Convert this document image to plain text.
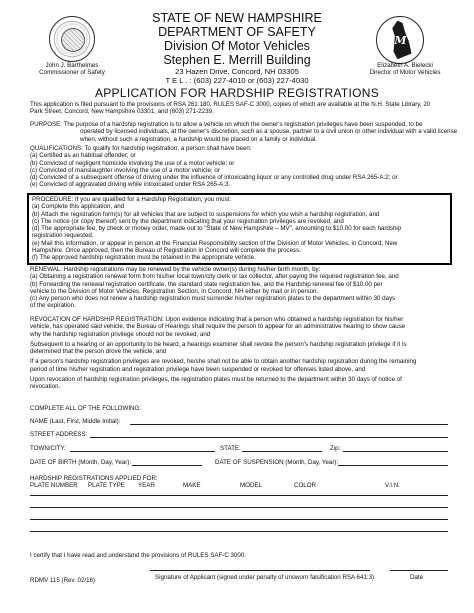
John J. Barthelmes
Commissioner of Safety
STATE OF NEW HAMPSHIRE
DEPARTMENT OF SAFETY
Division Of Motor Vehicles
Stephen E. Merrill Building
23 Hazen Drive, Concord, NH 03305
T E L . : (603) 227-4010 or (603) 227-4030
DMV
Elizabeth A. Bielecki
Director of Motor Vehicles
APPLICATION FOR HARDSHIP REGISTRATIONS

This application is filed pursuant to the provisions of RSA 261:180, RULES SAF-C 3000, copies of which are available at the N.H. State Library, 20

Park Street, Concord, New Hampshire 03301, and (603) 271-2239.

PURPOSE: The purpose of a hardship registration is to allow a vehicle on which the owner's registration privileges have been suspended, to be

operated by licensed individuals, at the owner's discretion, such as a spouse, partner to a civil union or other individual with a valid license

when, without such a registration, a hardship would be placed on a family or individual.

QUALIFICATIONS: To qualify for hardship registration, a person shall have been:

(a) Certified as an habitual offender; or

(b) Convicted of negligent homicide involving the use of a motor vehicle; or

(c) Convicted of manslaughter involving the use of a motor vehicle; or

(d) Convicted of a subsequent offense of driving under the influence of intoxicating liquor or any controlled drug under RSA 265-A:2; or

(e) Convicted of aggravated driving while intoxicated under RSA 265-A:3.

PROCEDURE: If you are qualified for a Hardship Registration, you must:

(a) Complete this application, and

(b) Attach the registration form(s) for all vehicles that are subject to suspensions for which you wish a hardship registration, and

(c) The notice (or copy thereof) sent by the department indicating that your registration privileges are revoked, and

(d) The appropriate fee, by check or money order, made out to "State of New Hampshire – MV", amounting to $10.00 for each hardship

registration requested.

(e) Mail this information, or appear in person at the Financial Responsibility section of the Division of Motor Vehicles, in Concord, New

Hampshire. Once approved, then the Bureau of Registration in Concord will complete the process.

(f) The approved hardship registration must be retained in the appropriate vehicle.

RENEWAL: Hardship registrations may be renewed by the vehicle owner(s) during his/her birth month, by:

(a) Obtaining a registration renewal form from his/her local town/city clerk or tax collector, after paying the required registration fee, and

(b) Forwarding the renewal registration certificate, the standard state registration fee, and the Hardship renewal fee of $10.00 per

vehicle to the Division of Motor Vehicles, Registration Section, in Concord, NH either by mail or in person.

(c) Any person who does not renew a hardship registration must surrender his/her registration plates to the department within 30 days

of the expiration.

REVOCATION OF HARDSHIP REGISTRATION: Upon evidence indicating that a person who obtained a hardship registration for his/her

vehicle, has operated said vehicle, the Bureau of Hearings shall require the person to appear for an administrative hearing to show cause

why the hardship registration privilege should not be revoked, and

Subsequent to a hearing or an opportunity to be heard, a hearings examiner shall revoke the person's hardship registration privilege if it is

determined that the person drove the vehicle, and

If a person's hardship registration privileges are revoked, he/she shall not be able to obtain another hardship registration during the remaining

period of time his/her registration and registration privilege have been suspended or revoked for offenses listed above, and

Upon revocation of hardship registration privileges, the registration plates must be returned to the department within 30 days of notice of

revocation.

COMPLETE ALL OF THE FOLLOWING:
NAME (Last, First, Middle Initial):
STREET ADDRESS:
TOWN/CITY:	STATE:	Zip:
DATE OF BIRTH (Month, Day, Year):	DATE OF SUSPENSION (Month, Day, Year):
HARDSHIP REGISTRATIONS APPLIED FOR:
PLATE NUMBER PLATE TYPE YEAR	MAKE	MODEL	COLOR	V.I.N.
I certify that I have read and understand the provisions of RULES SAF-C 3000.
Signature of Applicant (signed under penalty of unsworn falsification RSA 641:3)	Date
RDMV 115 (Rev. 02/16)
